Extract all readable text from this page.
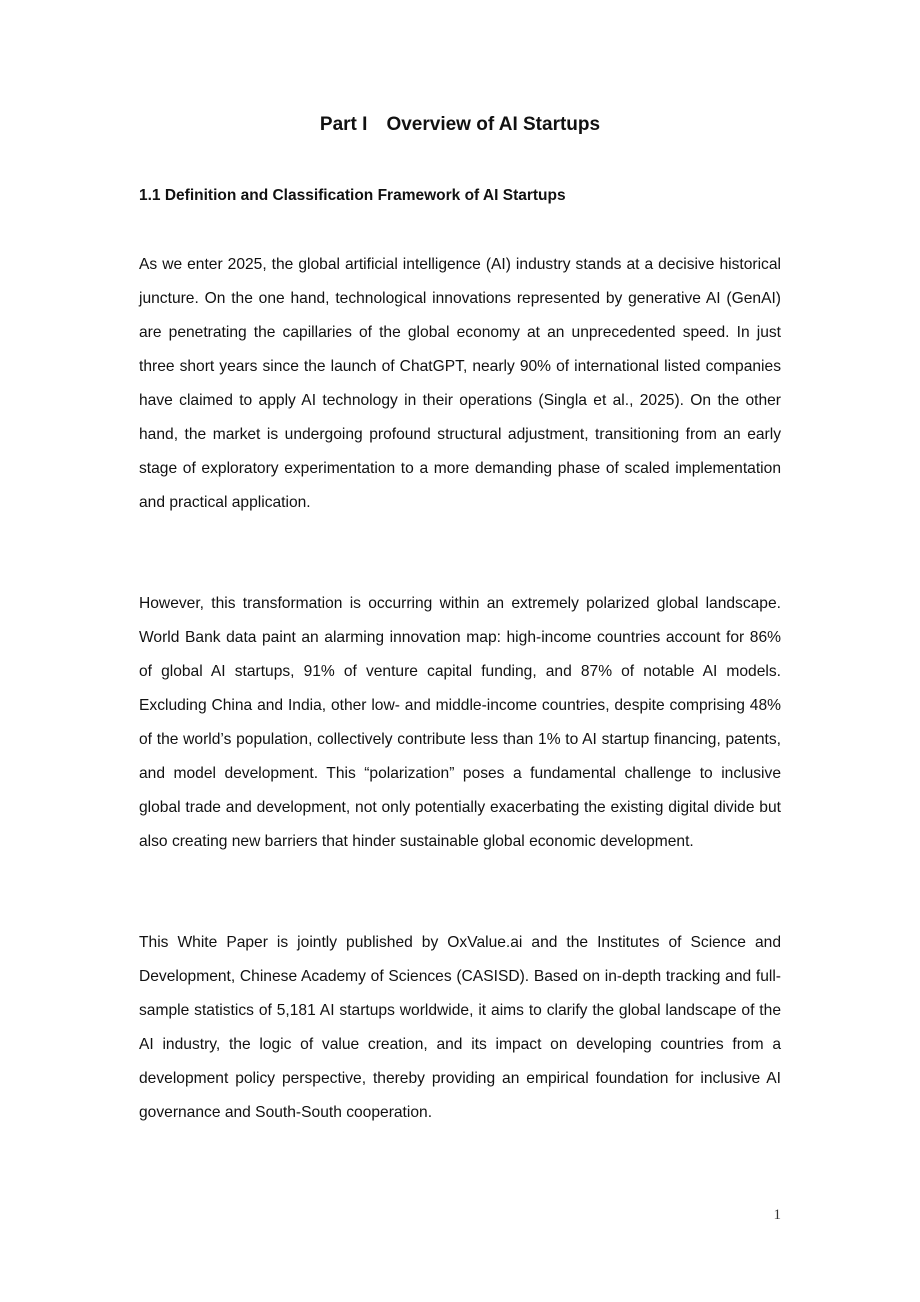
Part I Overview of AI Startups
1.1 Definition and Classification Framework of AI Startups

As we enter 2025, the global artificial intelligence (AI) industry stands at a decisive historical juncture. On the one hand, technological innovations represented by generative AI (GenAI) are penetrating the capillaries of the global economy at an unprecedented speed. In just three short years since the launch of ChatGPT, nearly 90% of international listed companies have claimed to apply AI technology in their operations (Singla et al., 2025). On the other hand, the market is undergoing profound structural adjustment, transitioning from an early stage of exploratory experimentation to a more demanding phase of scaled implementation and practical application.

However, this transformation is occurring within an extremely polarized global landscape. World Bank data paint an alarming innovation map: high-income countries account for 86% of global AI startups, 91% of venture capital funding, and 87% of notable AI models. Excluding China and India, other low- and middle-income countries, despite comprising 48% of the world’s population, collectively contribute less than 1% to AI startup financing, patents, and model development. This “polarization” poses a fundamental challenge to inclusive global trade and development, not only potentially exacerbating the existing digital divide but also creating new barriers that hinder sustainable global economic development.

This White Paper is jointly published by OxValue.ai and the Institutes of Science and Development, Chinese Academy of Sciences (CASISD). Based on in-depth tracking and full-sample statistics of 5,181 AI startups worldwide, it aims to clarify the global landscape of the AI industry, the logic of value creation, and its impact on developing countries from a development policy perspective, thereby providing an empirical foundation for inclusive AI governance and South-South cooperation.

1
